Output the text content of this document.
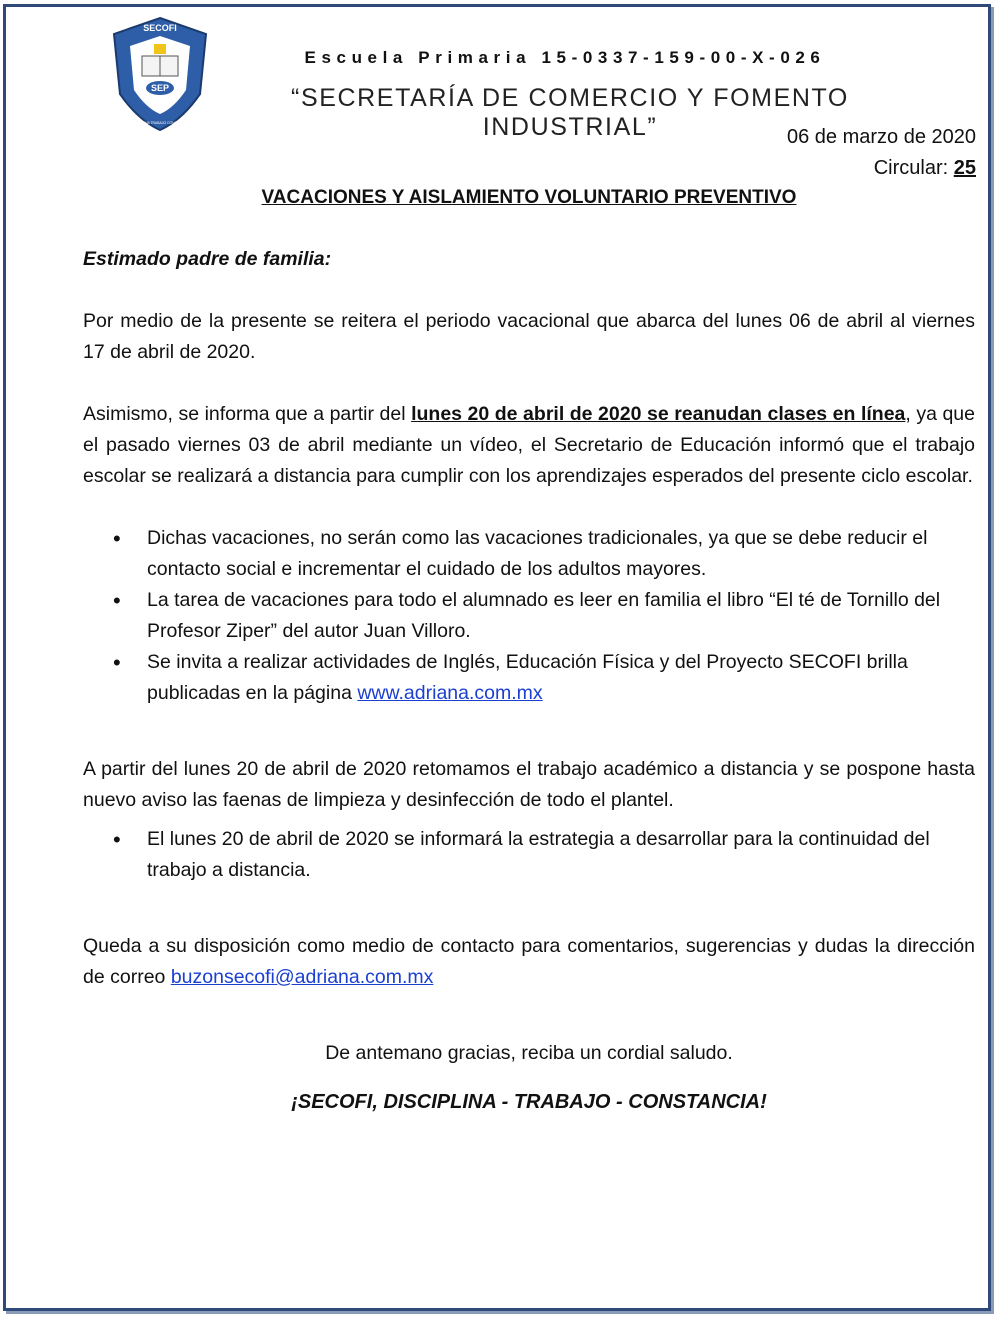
SEP
SECOFI
DISCIPLINA TRABAJO CONSTANCIA
Escuela Primaria 15-0337-159-00-X-026
“SECRETARÍA DE COMERCIO Y FOMENTO INDUSTRIAL”	06 de marzo de 2020
Circular: 25
VACACIONES Y AISLAMIENTO VOLUNTARIO PREVENTIVO

Estimado padre de familia:

Por medio de la presente se reitera el periodo vacacional que abarca del lunes 06 de abril al viernes 17 de abril de 2020.

Asimismo, se informa que a partir del lunes 20 de abril de 2020 se reanudan clases en línea, ya que el pasado viernes 03 de abril mediante un vídeo, el Secretario de Educación informó que el trabajo escolar se realizará a distancia para cumplir con los aprendizajes esperados del presente ciclo escolar.

• Dichas vacaciones, no serán como las vacaciones tradicionales, ya que se debe reducir el contacto social e incrementar el cuidado de los adultos mayores.
• La tarea de vacaciones para todo el alumnado es leer en familia el libro “El té de Tornillo del Profesor Ziper” del autor Juan Villoro.
• Se invita a realizar actividades de Inglés, Educación Física y del Proyecto SECOFI brilla publicadas en la página www.adriana.com.mx

A partir del lunes 20 de abril de 2020 retomamos el trabajo académico a distancia y se pospone hasta nuevo aviso las faenas de limpieza y desinfección de todo el plantel.

• El lunes 20 de abril de 2020 se informará la estrategia a desarrollar para la continuidad del trabajo a distancia.

Queda a su disposición como medio de contacto para comentarios, sugerencias y dudas la dirección de correo buzonsecofi@adriana.com.mx

De antemano gracias, reciba un cordial saludo.

¡SECOFI, DISCIPLINA - TRABAJO - CONSTANCIA!
